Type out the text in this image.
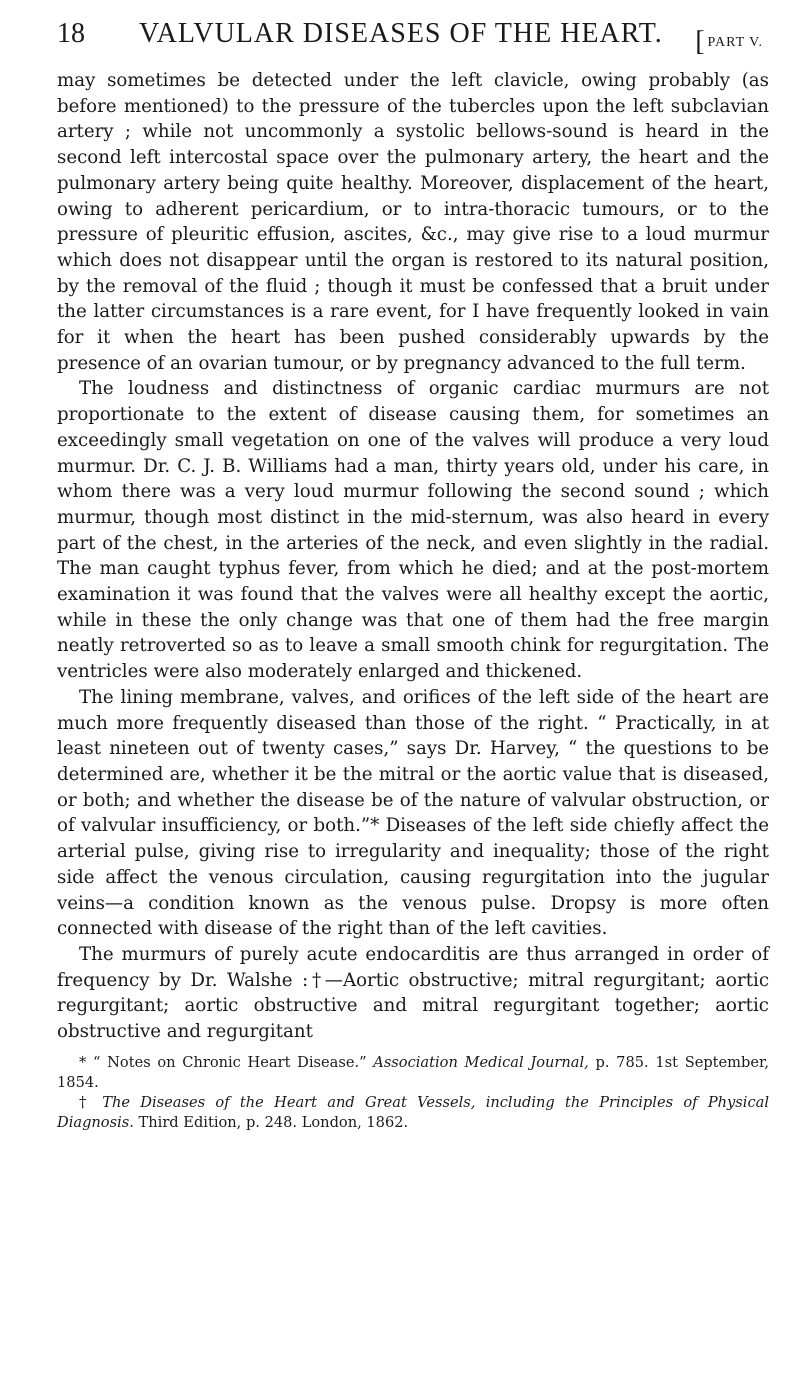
18 VALVULAR DISEASES OF THE HEART.
[	PART V.

may sometimes be detected under the left clavicle, owing probably (as before mentioned) to the pressure of the tubercles upon the left subclavian artery ; while not uncommonly a systolic bellows-sound is heard in the second left intercostal space over the pulmonary artery, the heart and the pulmonary artery being quite healthy. Moreover, displacement of the heart, owing to adherent pericardium, or to intra-thoracic tumours, or to the pressure of pleuritic effusion, ascites, &c., may give rise to a loud murmur which does not disappear until the organ is restored to its natural position, by the removal of the fluid ; though it must be confessed that a bruit under the latter circumstances is a rare event, for I have frequently looked in vain for it when the heart has been pushed considerably upwards by the presence of an ovarian tumour, or by pregnancy advanced to the full term.

The loudness and distinctness of organic cardiac murmurs are not proportionate to the extent of disease causing them, for sometimes an exceedingly small vegetation on one of the valves will produce a very loud murmur. Dr. C. J. B. Williams had a man, thirty years old, under his care, in whom there was a very loud murmur following the second sound ; which murmur, though most distinct in the mid-sternum, was also heard in every part of the chest, in the arteries of the neck, and even slightly in the radial. The man caught typhus fever, from which he died; and at the post-mortem examination it was found that the valves were all healthy except the aortic, while in these the only change was that one of them had the free margin neatly retroverted so as to leave a small smooth chink for regurgitation. The ventricles were also moderately enlarged and thickened.

The lining membrane, valves, and orifices of the left side of the heart are much more frequently diseased than those of the right. “ Practically, in at least nineteen out of twenty cases,” says Dr. Harvey, “ the questions to be determined are, whether it be the mitral or the aortic value that is diseased, or both; and whether the disease be of the nature of valvular obstruction, or of valvular insufficiency, or both.”* Diseases of the left side chiefly affect the arterial pulse, giving rise to irregularity and inequality; those of the right side affect the venous circulation, causing regurgitation into the jugular veins—a condition known as the venous pulse. Dropsy is more often connected with disease of the right than of the left cavities.

The murmurs of purely acute endocarditis are thus arranged in order of frequency by Dr. Walshe :†—Aortic obstructive; mitral regurgitant; aortic regurgitant; aortic obstructive and mitral regurgitant together; aortic obstructive and regurgitant

* “ Notes on Chronic Heart Disease.” Association Medical Journal, p. 785. 1st September, 1854.

† The Diseases of the Heart and Great Vessels, including the Principles of Physical Diagnosis. Third Edition, p. 248. London, 1862.
